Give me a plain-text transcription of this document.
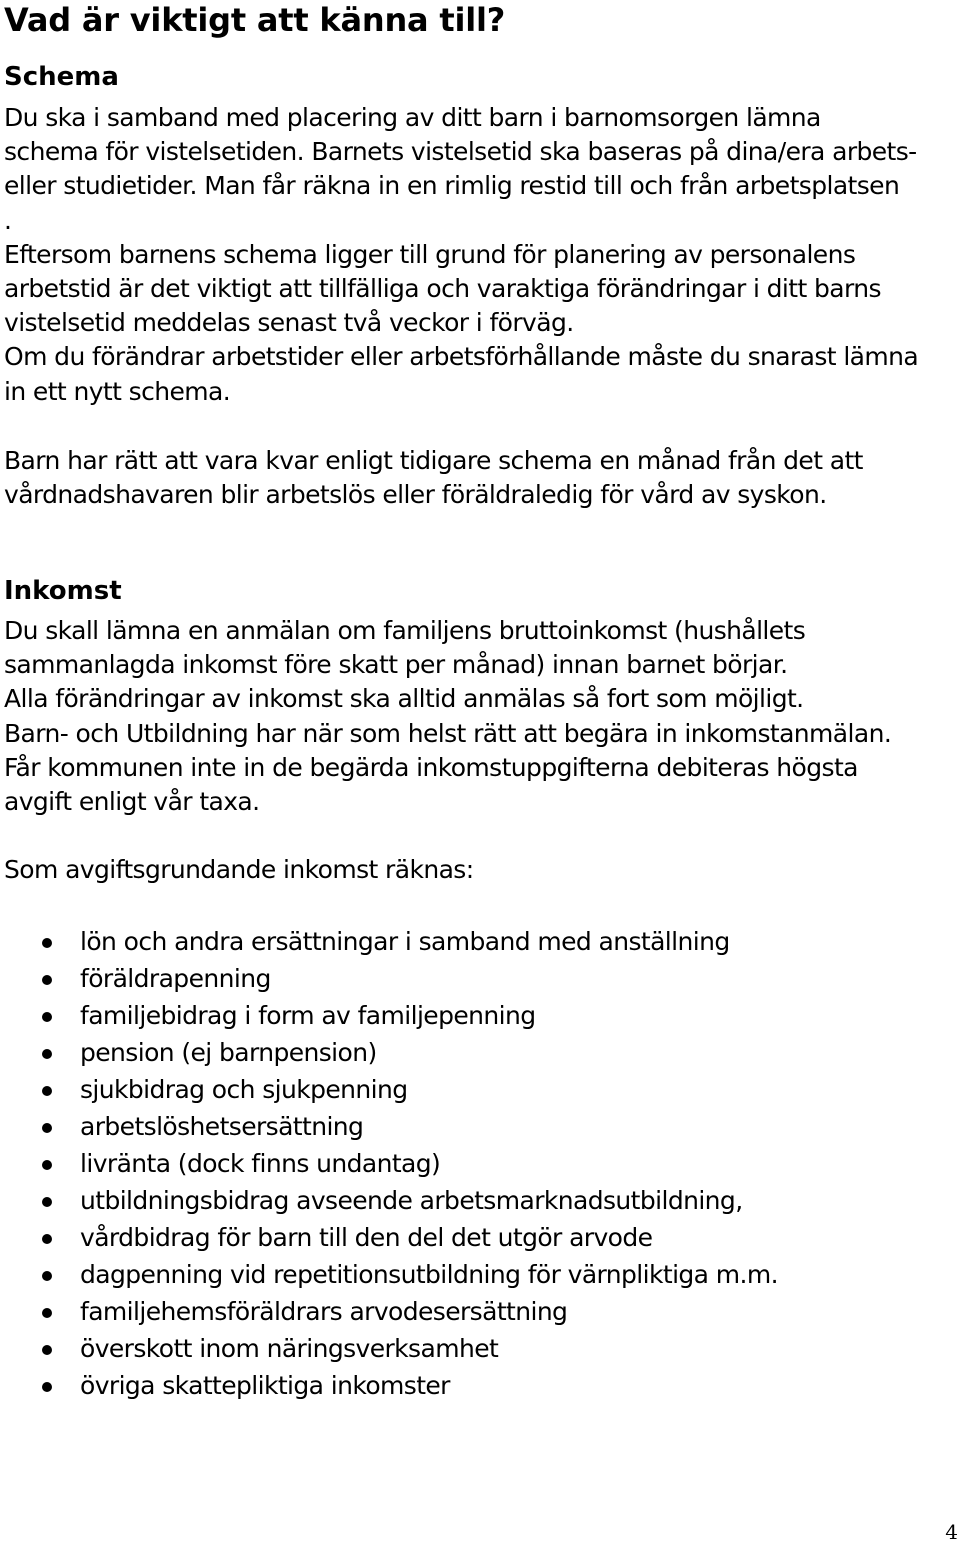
Vad är viktigt att känna till?
Schema
Du ska i samband med placering av ditt barn i barnomsorgen lämna
schema för vistelsetiden. Barnets vistelsetid ska baseras på dina/era arbets-
eller studietider. Man får räkna in en rimlig restid till och från arbetsplatsen
.
Eftersom barnens schema ligger till grund för planering av personalens
arbetstid är det viktigt att tillfälliga och varaktiga förändringar i ditt barns
vistelsetid meddelas senast två veckor i förväg.
Om du förändrar arbetstider eller arbetsförhållande måste du snarast lämna
in ett nytt schema.
Barn har rätt att vara kvar enligt tidigare schema en månad från det att
vårdnadshavaren blir arbetslös eller föräldraledig för vård av syskon.
Inkomst
Du skall lämna en anmälan om familjens bruttoinkomst (hushållets
sammanlagda inkomst före skatt per månad) innan barnet börjar.
Alla förändringar av inkomst ska alltid anmälas så fort som möjligt.
Barn- och Utbildning har när som helst rätt att begära in inkomstanmälan.
Får kommunen inte in de begärda inkomstuppgifterna debiteras högsta
avgift enligt vår taxa.
Som avgiftsgrundande inkomst räknas:
lön och andra ersättningar i samband med anställning
föräldrapenning
familjebidrag i form av familjepenning
pension (ej barnpension)
sjukbidrag och sjukpenning
arbetslöshetsersättning
livränta (dock finns undantag)
utbildningsbidrag avseende arbetsmarknadsutbildning,
vårdbidrag för barn till den del det utgör arvode
dagpenning vid repetitionsutbildning för värnpliktiga m.m.
familjehemsföräldrars arvodesersättning
överskott inom näringsverksamhet
övriga skattepliktiga inkomster
4
